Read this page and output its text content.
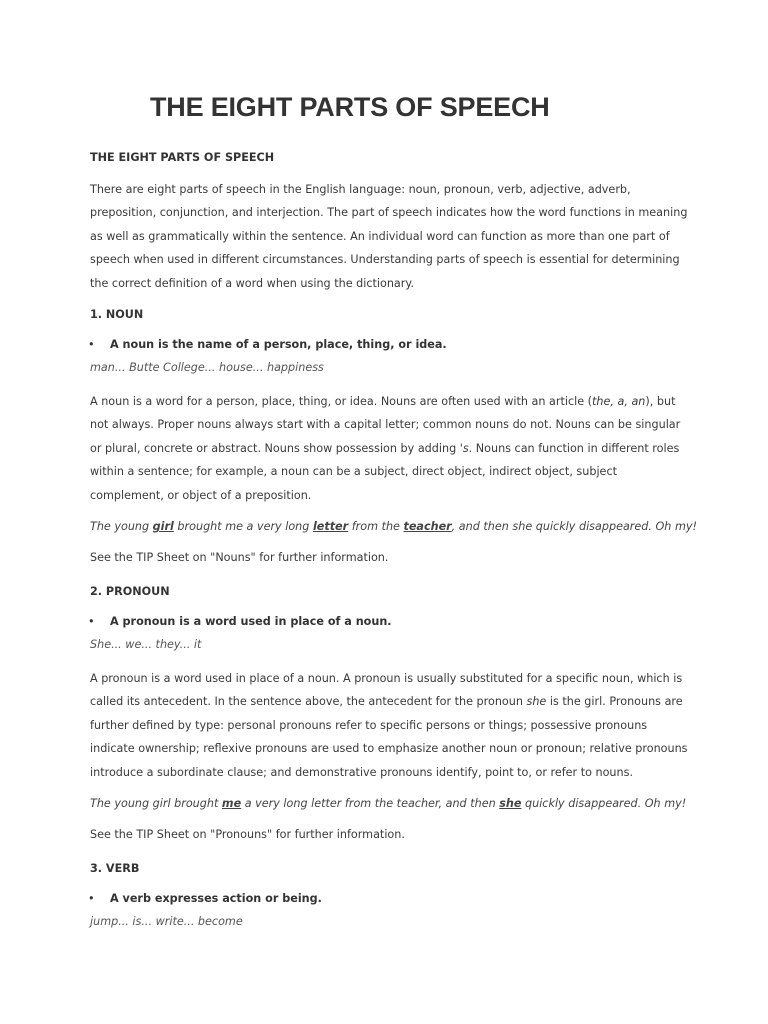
THE EIGHT PARTS OF SPEECH
THE EIGHT PARTS OF SPEECH

There are eight parts of speech in the English language: noun, pronoun, verb, adjective, adverb, preposition, conjunction, and interjection. The part of speech indicates how the word functions in meaning as well as grammatically within the sentence. An individual word can function as more than one part of speech when used in different circumstances. Understanding parts of speech is essential for determining the correct definition of a word when using the dictionary.

1. NOUN
• A noun is the name of a person, place, thing, or idea.
man... Butte College... house... happiness

A noun is a word for a person, place, thing, or idea. Nouns are often used with an article (the, a, an), but not always. Proper nouns always start with a capital letter; common nouns do not. Nouns can be singular or plural, concrete or abstract. Nouns show possession by adding 's. Nouns can function in different roles within a sentence; for example, a noun can be a subject, direct object, indirect object, subject complement, or object of a preposition.

The young girl brought me a very long letter from the teacher, and then she quickly disappeared. Oh my!
See the TIP Sheet on "Nouns" for further information.
2. PRONOUN
• A pronoun is a word used in place of a noun.
She... we... they... it

A pronoun is a word used in place of a noun. A pronoun is usually substituted for a specific noun, which is called its antecedent. In the sentence above, the antecedent for the pronoun she is the girl. Pronouns are further defined by type: personal pronouns refer to specific persons or things; possessive pronouns indicate ownership; reflexive pronouns are used to emphasize another noun or pronoun; relative pronouns introduce a subordinate clause; and demonstrative pronouns identify, point to, or refer to nouns.

The young girl brought me a very long letter from the teacher, and then she quickly disappeared. Oh my!
See the TIP Sheet on "Pronouns" for further information.
3. VERB
• A verb expresses action or being.
jump... is... write... become
